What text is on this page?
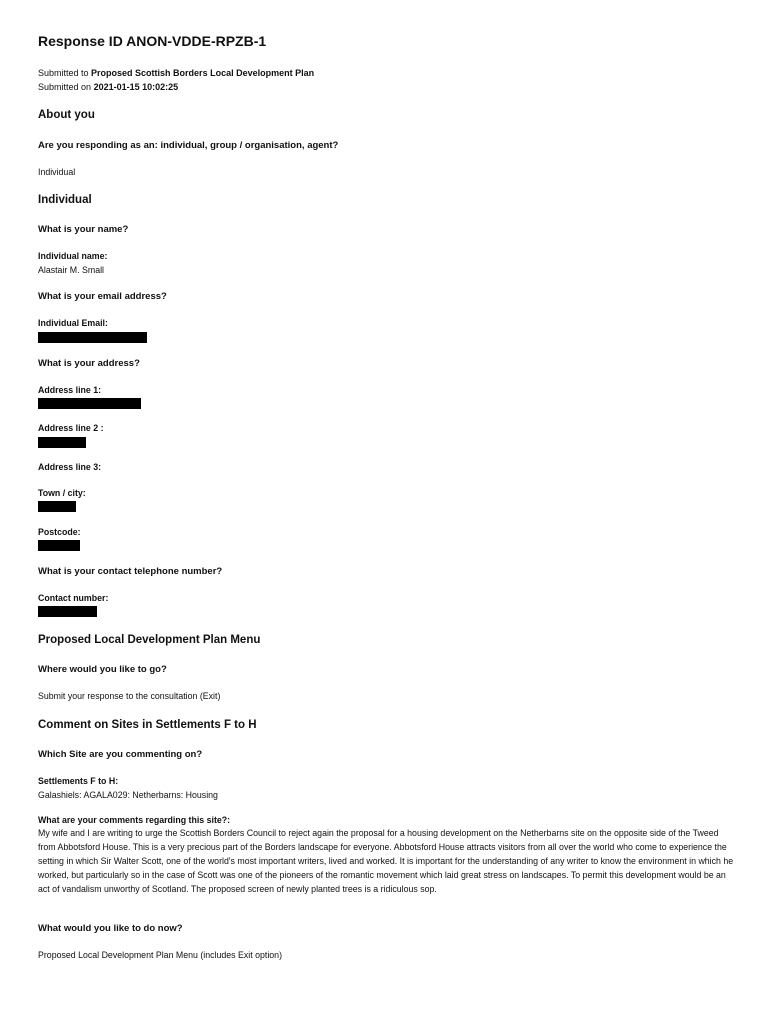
Response ID ANON-VDDE-RPZB-1
Submitted to Proposed Scottish Borders Local Development Plan
Submitted on 2021-01-15 10:02:25
About you
Are you responding as an: individual, group / organisation, agent?
Individual
Individual
What is your name?
Individual name:
Alastair M. Small
What is your email address?
Individual Email:
What is your address?
Address line 1:
Address line 2 :
Address line 3:
Town / city:
Postcode:
What is your contact telephone number?
Contact number:
Proposed Local Development Plan Menu
Where would you like to go?
Submit your response to the consultation (Exit)
Comment on Sites in Settlements F to H
Which Site are you commenting on?
Settlements F to H:
Galashiels: AGALA029: Netherbarns: Housing
What are your comments regarding this site?:
My wife and I are writing to urge the Scottish Borders Council to reject again the proposal for a housing development on the Netherbarns site on the opposite side of the Tweed from Abbotsford House. This is a very precious part of the Borders landscape for everyone. Abbotsford House attracts visitors from all over the world who come to experience the setting in which Sir Walter Scott, one of the world's most important writers, lived and worked. It is important for the understanding of any writer to know the environment in which he worked, but particularly so in the case of Scott was one of the pioneers of the romantic movement which laid great stress on landscapes. To permit this development would be an act of vandalism unworthy of Scotland. The proposed screen of newly planted trees is a ridiculous sop.
What would you like to do now?
Proposed Local Development Plan Menu (includes Exit option)
